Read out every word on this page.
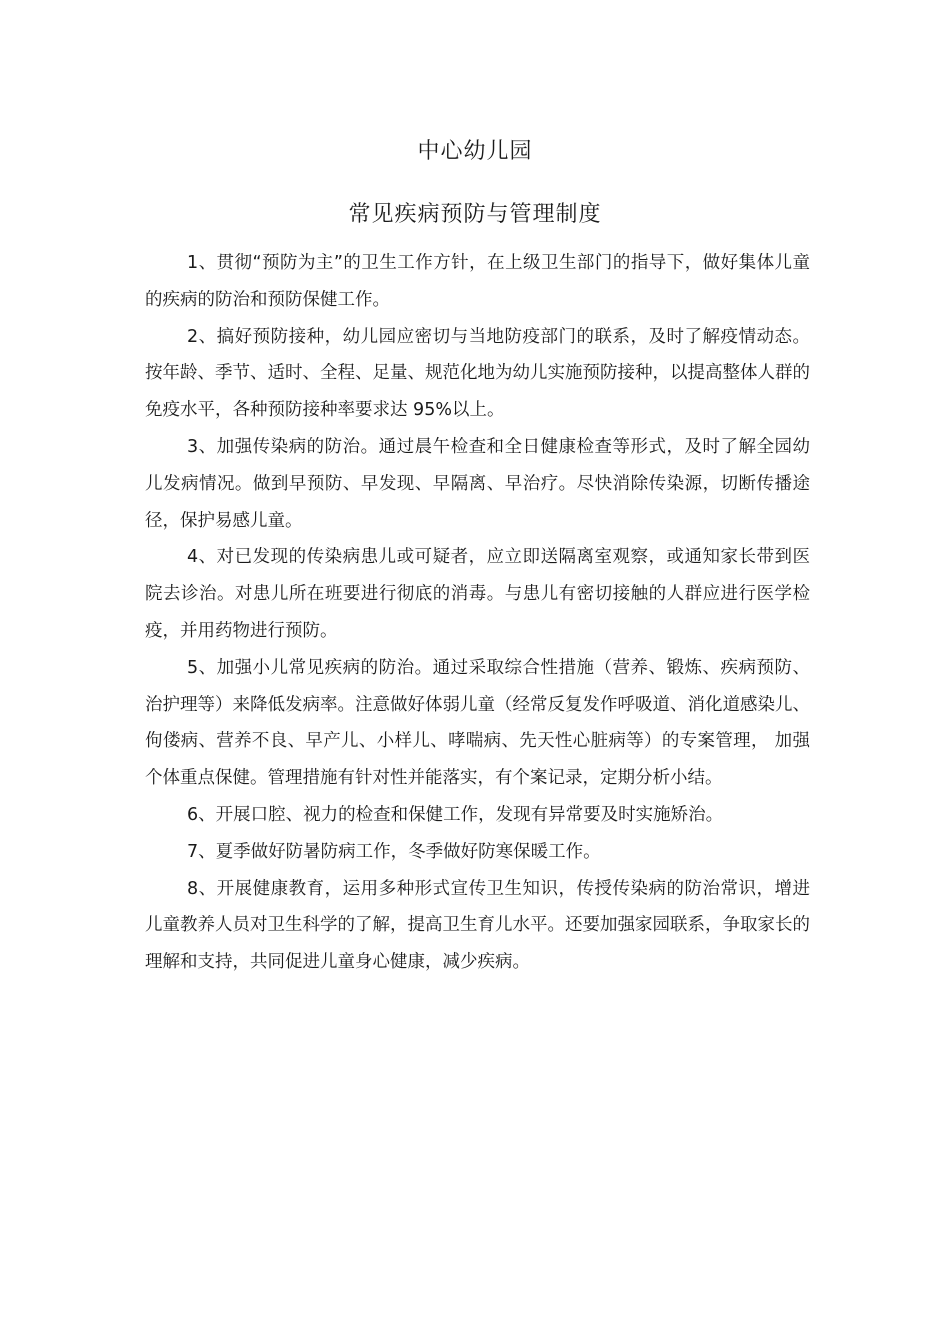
中心幼儿园
常见疾病预防与管理制度

1、贯彻“预防为主”的卫生工作方针，在上级卫生部门的指导下，做好集体儿童的疾病的防治和预防保健工作。

2、搞好预防接种，幼儿园应密切与当地防疫部门的联系，及时了解疫情动态。按年龄、季节、适时、全程、足量、规范化地为幼儿实施预防接种，以提高整体人群的免疫水平，各种预防接种率要求达 95%以上。

3、加强传染病的防治。通过晨午检查和全日健康检查等形式，及时了解全园幼儿发病情况。做到早预防、早发现、早隔离、早治疗。尽快消除传染源，切断传播途径，保护易感儿童。

4、对已发现的传染病患儿或可疑者，应立即送隔离室观察，或通知家长带到医院去诊治。对患儿所在班要进行彻底的消毒。与患儿有密切接触的人群应进行医学检疫，并用药物进行预防。

5、加强小儿常见疾病的防治。通过采取综合性措施（营养、锻炼、疾病预防、 治护理等）来降低发病率。注意做好体弱儿童（经常反复发作呼吸道、消化道感染儿、佝偻病、营养不良、早产儿、小样儿、哮喘病、先天性心脏病等）的专案管理， 加强个体重点保健。管理措施有针对性并能落实，有个案记录，定期分析小结。

6、开展口腔、视力的检查和保健工作，发现有异常要及时实施矫治。

7、夏季做好防暑防病工作，冬季做好防寒保暖工作。

8、开展健康教育，运用多种形式宣传卫生知识，传授传染病的防治常识，增进儿童教养人员对卫生科学的了解，提高卫生育儿水平。还要加强家园联系，争取家长的理解和支持，共同促进儿童身心健康，减少疾病。
